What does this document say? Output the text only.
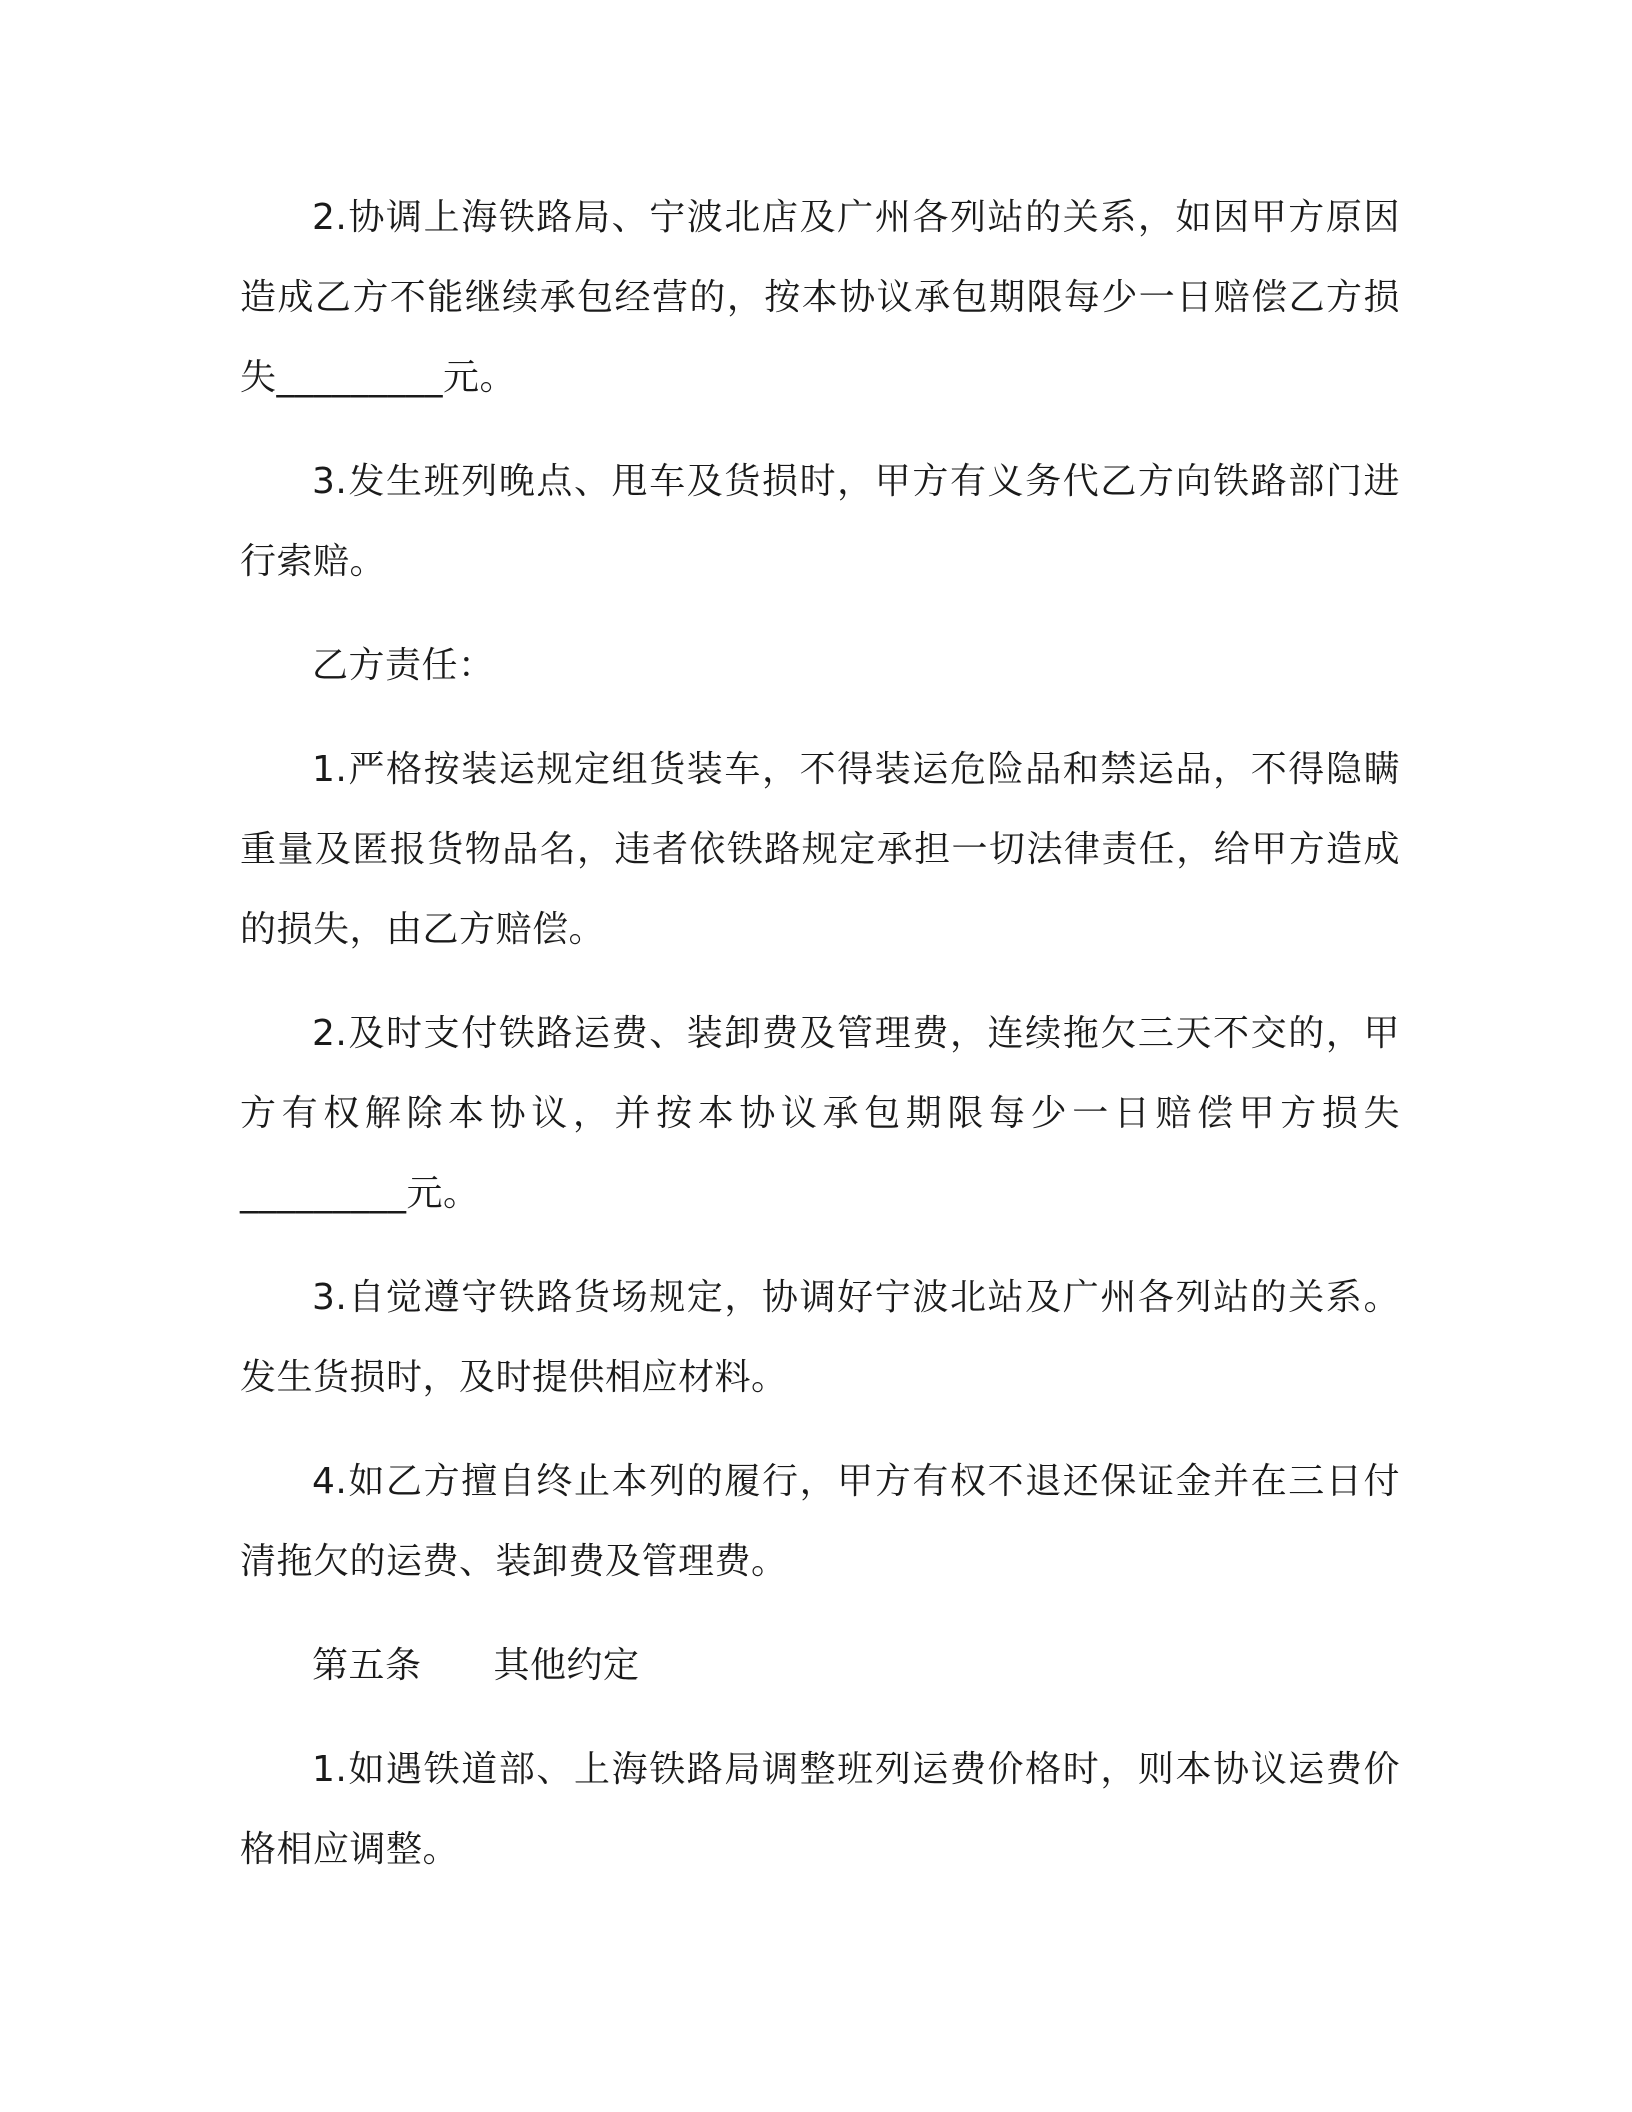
2.协调上海铁路局、宁波北店及广州各列站的关系，如因甲方原因造成乙方不能继续承包经营的，按本协议承包期限每少一日赔偿乙方损失_________元。

3.发生班列晚点、甩车及货损时，甲方有义务代乙方向铁路部门进行索赔。

乙方责任：

1.严格按装运规定组货装车，不得装运危险品和禁运品，不得隐瞒重量及匿报货物品名，违者依铁路规定承担一切法律责任，给甲方造成的损失，由乙方赔偿。

2.及时支付铁路运费、装卸费及管理费，连续拖欠三天不交的，甲方有权解除本协议，并按本协议承包期限每少一日赔偿甲方损失_________元。

3.自觉遵守铁路货场规定，协调好宁波北站及广州各列站的关系。发生货损时，及时提供相应材料。

4.如乙方擅自终止本列的履行，甲方有权不退还保证金并在三日付清拖欠的运费、装卸费及管理费。

第五条 其他约定

1.如遇铁道部、上海铁路局调整班列运费价格时，则本协议运费价格相应调整。
